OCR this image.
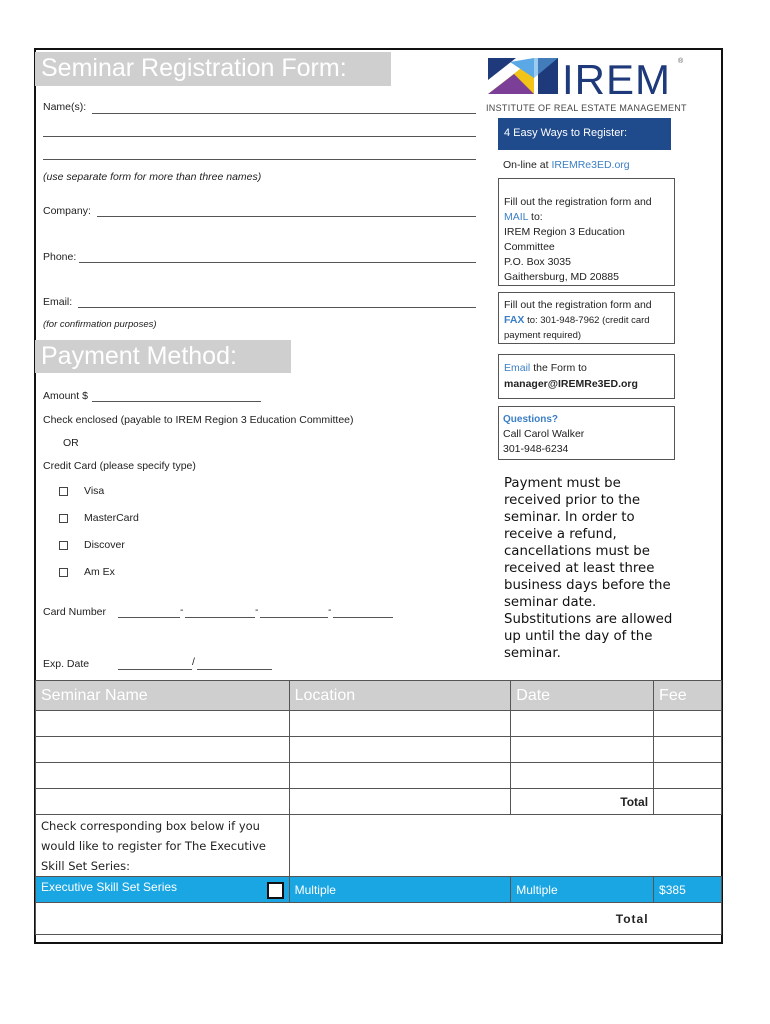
Seminar Registration Form:	IREM ®
INSTITUTE OF REAL ESTATE MANAGEMENT
Name(s):
(use separate form for more than three names)
Company:
Phone:
Email:
(for confirmation purposes)
Payment Method:
Amount $
Check enclosed (payable to IREM Region 3 Education Committee)
OR
Credit Card (please specify type)
Visa
MasterCard
Discover
Am Ex
Card Number	-	-	-
Exp. Date	/
4 Easy Ways to Register:
On-line at IREMRe3ED.org
Fill out the registration form and
MAIL to:
IREM Region 3 Education
Committee
P.O. Box 3035
Gaithersburg, MD 20885
Fill out the registration form and
FAX to: 301-948-7962 (credit card
payment required)
Email the Form to
manager@IREMRe3ED.org
Questions?
Call Carol Walker
301-948-6234
Payment must be received prior to the seminar. In order to receive a refund, cancellations must be received at least three business days before the seminar date. Substitutions are allowed up until the day of the seminar.
Seminar Name	Location	Date	Fee

		Total	
Check corresponding box below if you would like to register for The Executive Skill Set Series:			
Executive Skill Set Series	Multiple	Multiple	$385
		Total	
